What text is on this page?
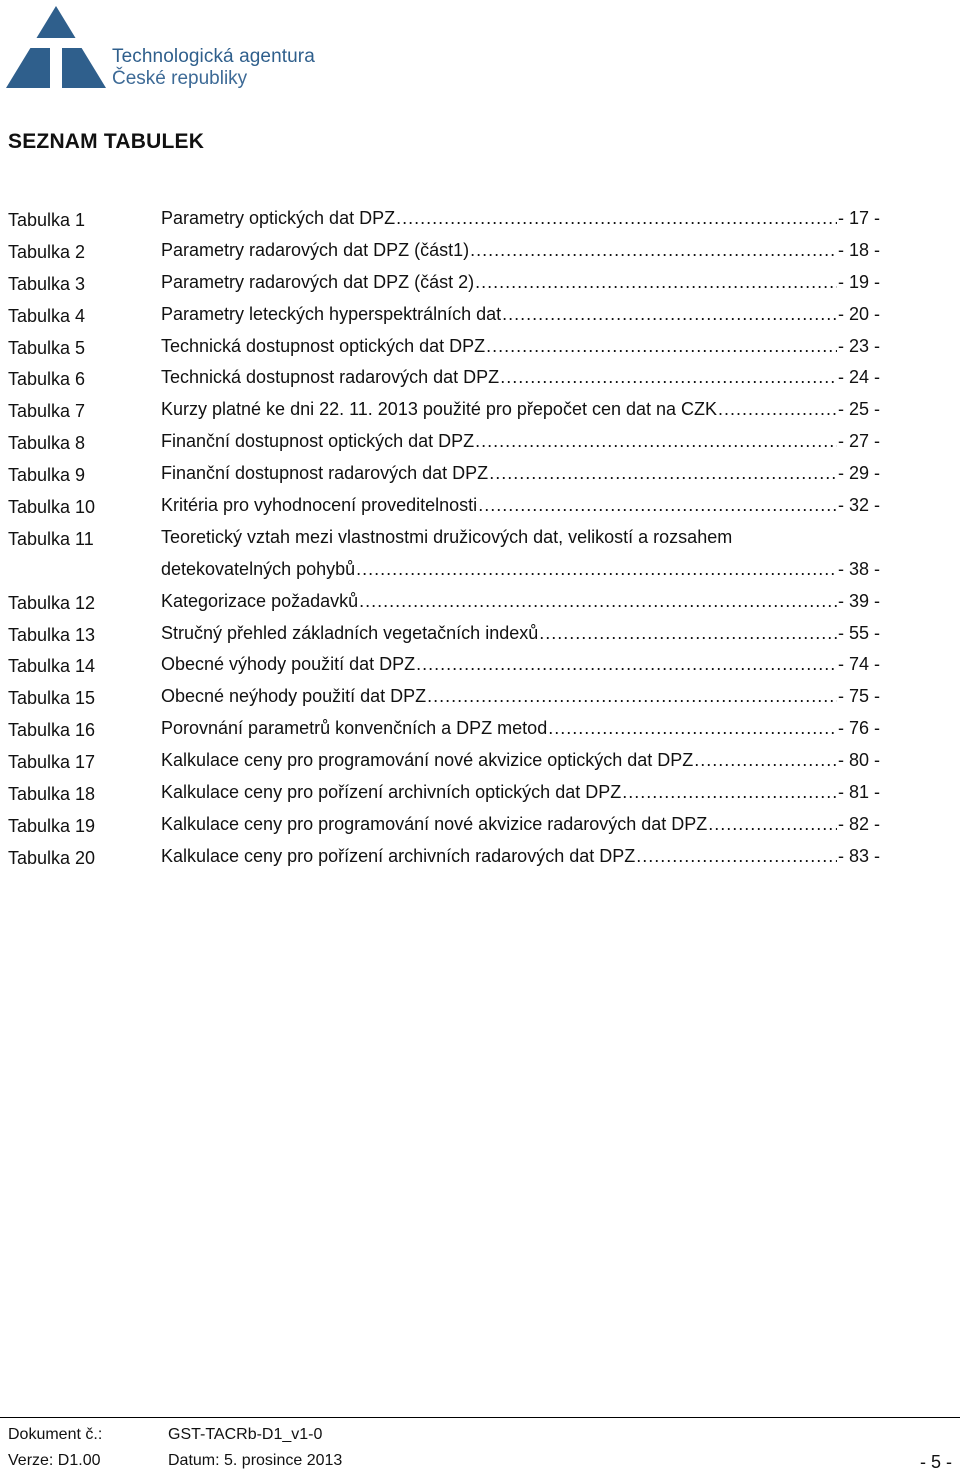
Technologická agentura
České republiky
SEZNAM TABULEK
Tabulka 1	Parametry optických dat DPZ .....	- 17 -
Tabulka 2	Parametry radarových dat DPZ (část1) .....	- 18 -
Tabulka 3	Parametry radarových dat DPZ (část 2) .....	- 19 -
Tabulka 4	Parametry leteckých hyperspektrálních dat .....	- 20 -
Tabulka 5	Technická dostupnost optických dat DPZ .....	- 23 -
Tabulka 6	Technická dostupnost radarových dat DPZ .....	- 24 -
Tabulka 7	Kurzy platné ke dni 22. 11. 2013 použité pro přepočet cen dat na CZK .....	- 25 -
Tabulka 8	Finanční dostupnost optických dat DPZ .....	- 27 -
Tabulka 9	Finanční dostupnost radarových dat DPZ .....	- 29 -
Tabulka 10	Kritéria pro vyhodnocení proveditelnosti .....	- 32 -
Tabulka 11	Teoretický vztah mezi vlastnostmi družicových dat, velikostí a rozsahem
detekovatelných pohybů .....	- 38 -
Tabulka 12	Kategorizace požadavků .....	- 39 -
Tabulka 13	Stručný přehled základních vegetačních indexů .....	- 55 -
Tabulka 14	Obecné výhody použití dat DPZ .....	- 74 -
Tabulka 15	Obecné neýhody použití dat DPZ .....	- 75 -
Tabulka 16	Porovnání parametrů konvenčních a DPZ metod .....	- 76 -
Tabulka 17	Kalkulace ceny pro programování nové akvizice optických dat DPZ .....	- 80 -
Tabulka 18	Kalkulace ceny pro pořízení archivních optických dat DPZ .....	- 81 -
Tabulka 19	Kalkulace ceny pro programování nové akvizice radarových dat DPZ .....	- 82 -
Tabulka 20	Kalkulace ceny pro pořízení archivních radarových dat DPZ .....	- 83 -
Dokument č.:	GST-TACRb-D1_v1-0
Verze: D1.00	Datum: 5. prosince 2013	- 5 -
